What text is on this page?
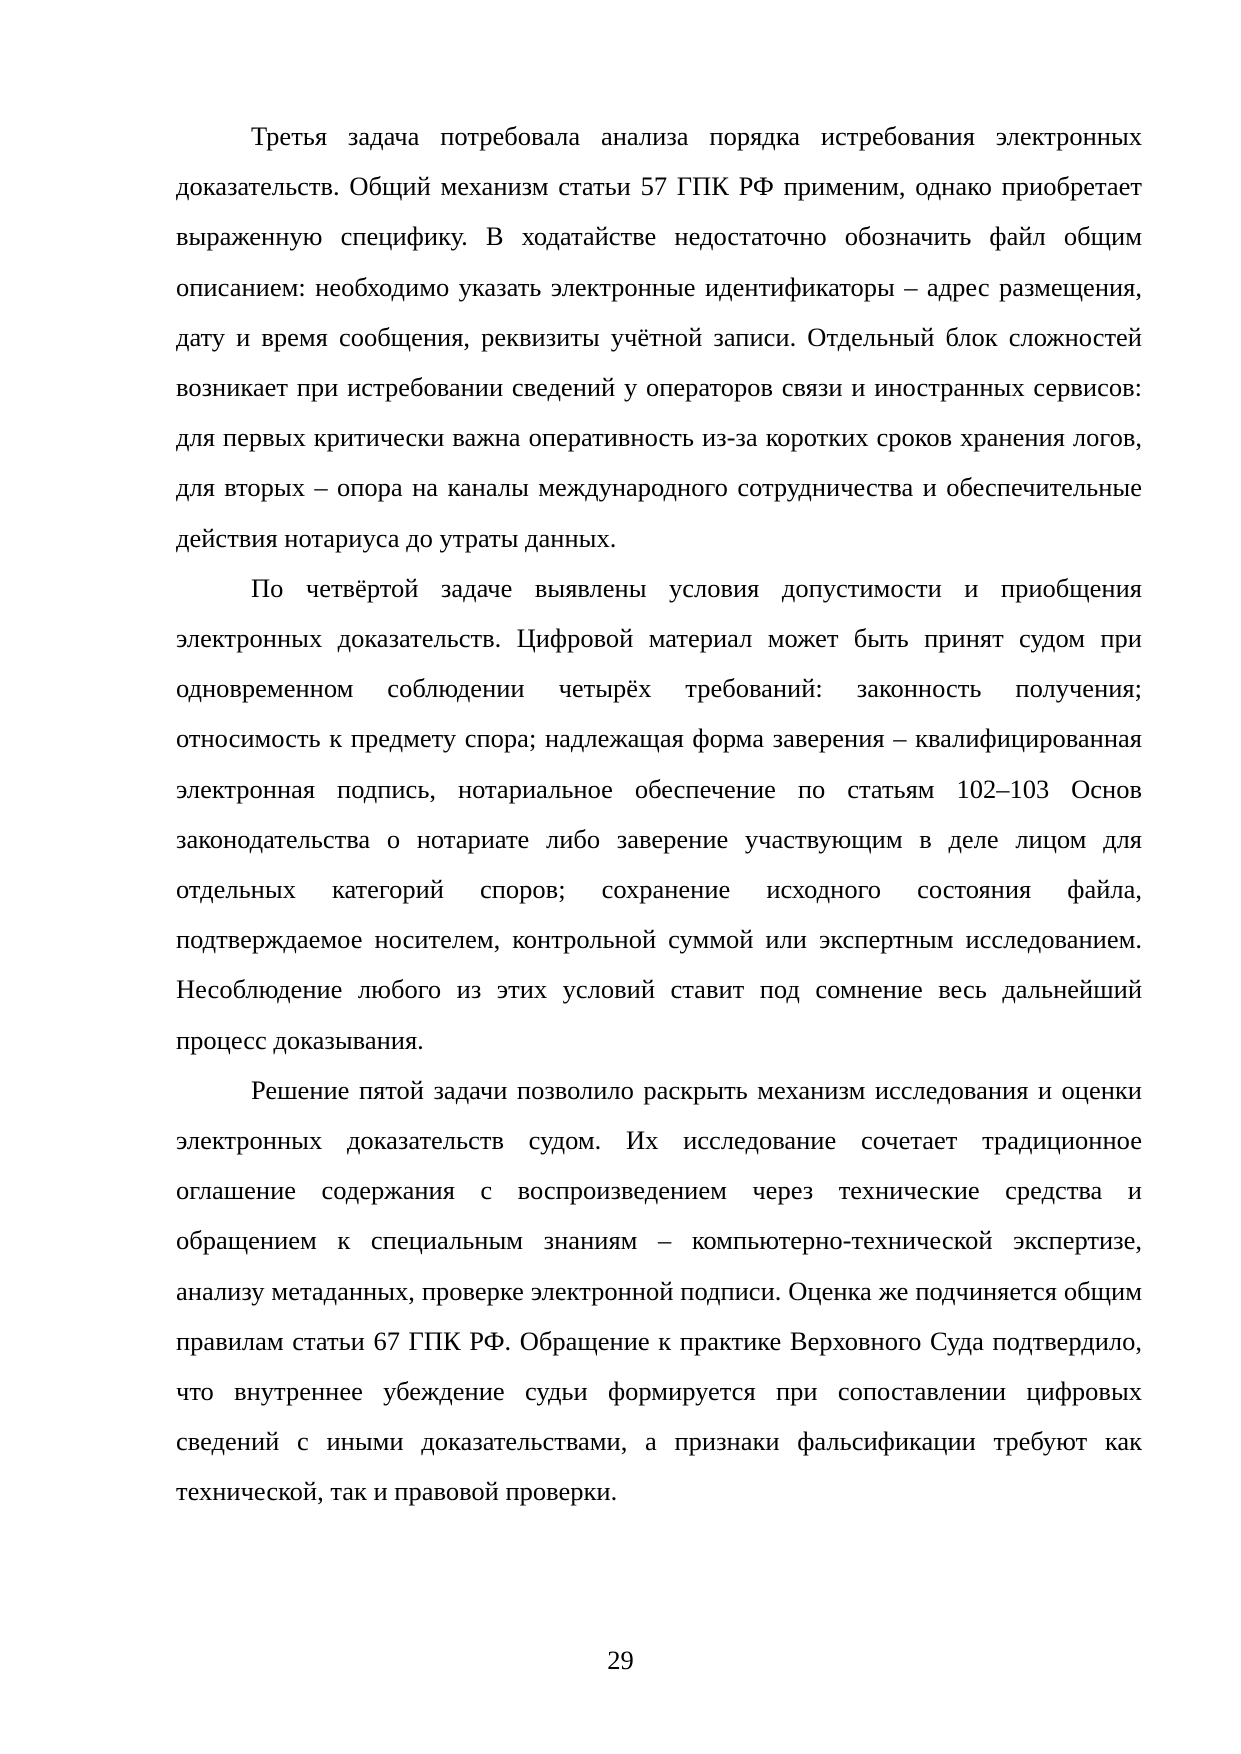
Третья задача потребовала анализа порядка истребования электронных доказательств. Общий механизм статьи 57 ГПК РФ применим, однако приобретает выраженную специфику. В ходатайстве недостаточно обозначить файл общим описанием: необходимо указать электронные идентификаторы – адрес размещения, дату и время сообщения, реквизиты учётной записи. Отдельный блок сложностей возникает при истребовании сведений у операторов связи и иностранных сервисов: для первых критически важна оперативность из-за коротких сроков хранения логов, для вторых – опора на каналы международного сотрудничества и обеспечительные действия нотариуса до утраты данных.

По четвёртой задаче выявлены условия допустимости и приобщения электронных доказательств. Цифровой материал может быть принят судом при одновременном соблюдении четырёх требований: законность получения; относимость к предмету спора; надлежащая форма заверения – квалифицированная электронная подпись, нотариальное обеспечение по статьям 102–103 Основ законодательства о нотариате либо заверение участвующим в деле лицом для отдельных категорий споров; сохранение исходного состояния файла, подтверждаемое носителем, контрольной суммой или экспертным исследованием. Несоблюдение любого из этих условий ставит под сомнение весь дальнейший процесс доказывания.

Решение пятой задачи позволило раскрыть механизм исследования и оценки электронных доказательств судом. Их исследование сочетает традиционное оглашение содержания с воспроизведением через технические средства и обращением к специальным знаниям – компьютерно-технической экспертизе, анализу метаданных, проверке электронной подписи. Оценка же подчиняется общим правилам статьи 67 ГПК РФ. Обращение к практике Верховного Суда подтвердило, что внутреннее убеждение судьи формируется при сопоставлении цифровых сведений с иными доказательствами, а признаки фальсификации требуют как технической, так и правовой проверки.

29
